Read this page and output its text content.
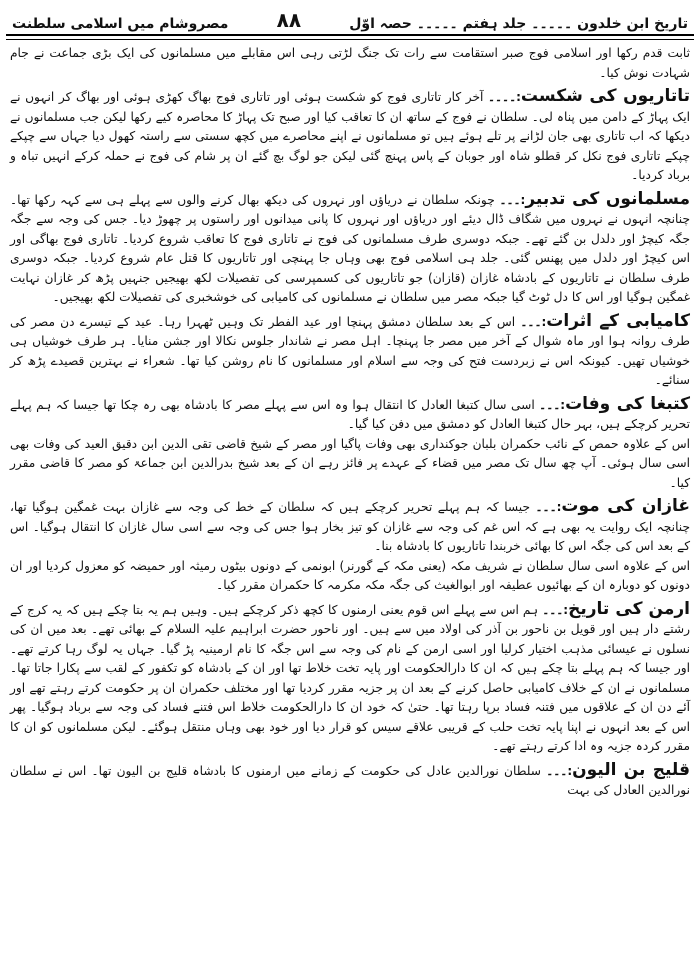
تاریخ ابن خلدون ۔۔۔۔۔ جلد ہفتم ۔۔۔۔۔ حصہ اوّل
۸۸
مصروشام میں اسلامی سلطنت

ثابت قدم رکھا اور اسلامی فوج صبر استقامت سے رات تک جنگ لڑتی رہی اس مقابلے میں مسلمانوں کی ایک بڑی جماعت نے جام شہادت نوش کیا۔

تاتاریوں کی شکست:۔۔۔۔ آخر کار تاتاری فوج کو شکست ہوئی اور تاتاری فوج بھاگ کھڑی ہوئی اور بھاگ کر انہوں نے ایک پہاڑ کے دامن میں پناہ لی۔ سلطان نے فوج کے ساتھ ان کا تعاقب کیا اور صبح تک پہاڑ کا محاصرہ کیے رکھا لیکن جب مسلمانوں نے دیکھا کہ اب تاتاری بھی جان لڑانے پر تلے ہوئے ہیں تو مسلمانوں نے اپنے محاصرے میں کچھ سستی سے راستہ کھول دیا جہاں سے چپکے چپکے تاتاری فوج نکل کر قطلو شاہ اور جوبان کے پاس پہنچ گئی لیکن جو لوگ بچ گئے ان پر شام کی فوج نے حملہ کرکے انہیں تباہ و برباد کردیا۔

مسلمانوں کی تدبیر:۔۔۔ چونکہ سلطان نے دریاؤں اور نہروں کی دیکھ بھال کرنے والوں سے پہلے ہی سے کہہ رکھا تھا۔ چنانچہ انہوں نے نہروں میں شگاف ڈال دیئے اور دریاؤں اور نہروں کا پانی میدانوں اور راستوں پر چھوڑ دیا۔ جس کی وجہ سے جگہ جگہ کیچڑ اور دلدل بن گئے تھے۔ جبکہ دوسری طرف مسلمانوں کی فوج نے تاتاری فوج کا تعاقب شروع کردیا۔ تاتاری فوج بھاگی اور اس کیچڑ اور دلدل میں پھنس گئی۔ جلد ہی اسلامی فوج بھی وہاں جا پہنچی اور تاتاریوں کا قتل عام شروع کردیا۔ جبکہ دوسری طرف سلطان نے تاتاریوں کے بادشاہ غازان (قازان) جو تاتاریوں کی کسمپرسی کی تفصیلات لکھ بھیجیں جنہیں پڑھ کر غازان نہایت غمگین ہوگیا اور اس کا دل ٹوٹ گیا جبکہ مصر میں سلطان نے مسلمانوں کی کامیابی کی خوشخبری کی تفصیلات لکھ بھیجیں۔

کامیابی کے اثرات:۔۔۔ اس کے بعد سلطان دمشق پہنچا اور عید الفطر تک وہیں ٹھہرا رہا۔ عید کے تیسرے دن مصر کی طرف روانہ ہوا اور ماہ شوال کے آخر میں مصر جا پہنچا۔ اہل مصر نے شاندار جلوس نکالا اور جشن منایا۔ ہر طرف خوشیاں ہی خوشیاں تھیں۔ کیونکہ اس نے زبردست فتح کی وجہ سے اسلام اور مسلمانوں کا نام روشن کیا تھا۔ شعراء نے بہترین قصیدے پڑھ کر سنائے۔

کتبغا کی وفات:۔۔۔ اسی سال کتبغا العادل کا انتقال ہوا وہ اس سے پہلے مصر کا بادشاہ بھی رہ چکا تھا جیسا کہ ہم پہلے تحریر کرچکے ہیں، بہر حال کتبغا العادل کو دمشق میں دفن کیا گیا۔

اس کے علاوہ حمص کے نائب حکمران بلبان جوکنداری بھی وفات پاگیا اور مصر کے شیخ قاضی تقی الدین ابن دقیق العید کی وفات بھی اسی سال ہوئی۔ آپ چھ سال تک مصر میں قضاء کے عہدے پر فائز رہے ان کے بعد شیخ بدرالدین ابن جماعۃ کو مصر کا قاضی مقرر کیا۔

غازان کی موت:۔۔۔ جیسا کہ ہم پہلے تحریر کرچکے ہیں کہ سلطان کے خط کی وجہ سے غازان بہت غمگین ہوگیا تھا، چنانچہ ایک روایت یہ بھی ہے کہ اس غم کی وجہ سے غازان کو تیز بخار ہوا جس کی وجہ سے اسی سال غازان کا انتقال ہوگیا۔ اس کے بعد اس کی جگہ اس کا بھائی خربندا تاتاریوں کا بادشاہ بنا۔

اس کے علاوہ اسی سال سلطان نے شریف مکہ (یعنی مکہ کے گورنر) ابونمی کے دونوں بیٹوں رمیثہ اور حمیضہ کو معزول کردیا اور ان دونوں کو دوبارہ ان کے بھائیوں عطیفہ اور ابوالغیث کی جگہ مکہ مکرمہ کا حکمران مقرر کیا۔

ارمن کی تاریخ:۔۔۔ ہم اس سے پہلے اس قوم یعنی ارمنوں کا کچھ ذکر کرچکے ہیں۔ وہیں ہم یہ بتا چکے ہیں کہ یہ کرج کے رشتے دار ہیں اور قویل بن ناحور بن آذر کی اولاد میں سے ہیں۔ اور ناحور حضرت ابراہیم علیہ السلام کے بھائی تھے۔ بعد میں ان کی نسلوں نے عیسائی مذہب اختیار کرلیا اور اسی ارمن کے نام کی وجہ سے اس جگہ کا نام ارمینیہ پڑ گیا۔ جہاں یہ لوگ رہا کرتے تھے۔ اور جیسا کہ ہم پہلے بتا چکے ہیں کہ ان کا دارالحکومت اور پایہ تخت خلاط تھا اور ان کے بادشاہ کو تکفور کے لقب سے پکارا جاتا تھا۔ مسلمانوں نے ان کے خلاف کامیابی حاصل کرنے کے بعد ان پر جزیہ مقرر کردیا تھا اور مختلف حکمران ان پر حکومت کرتے رہتے تھے اور آئے دن ان کے علاقوں میں فتنہ فساد برپا رہتا تھا۔ حتیٰ کہ خود ان کا دارالحکومت خلاط اس فتنے فساد کی وجہ سے برباد ہوگیا۔ پھر اس کے بعد انہوں نے اپنا پایہ تخت حلب کے قریبی علاقے سیس کو قرار دیا اور خود بھی وہاں منتقل ہوگئے۔ لیکن مسلمانوں کو ان کا مقرر کردہ جزیہ وہ ادا کرتے رہتے تھے۔

قلیج بن الیون:۔۔۔ سلطان نورالدین عادل کی حکومت کے زمانے میں ارمنوں کا بادشاہ قلیج بن الیون تھا۔ اس نے سلطان نورالدین العادل کی بہت
